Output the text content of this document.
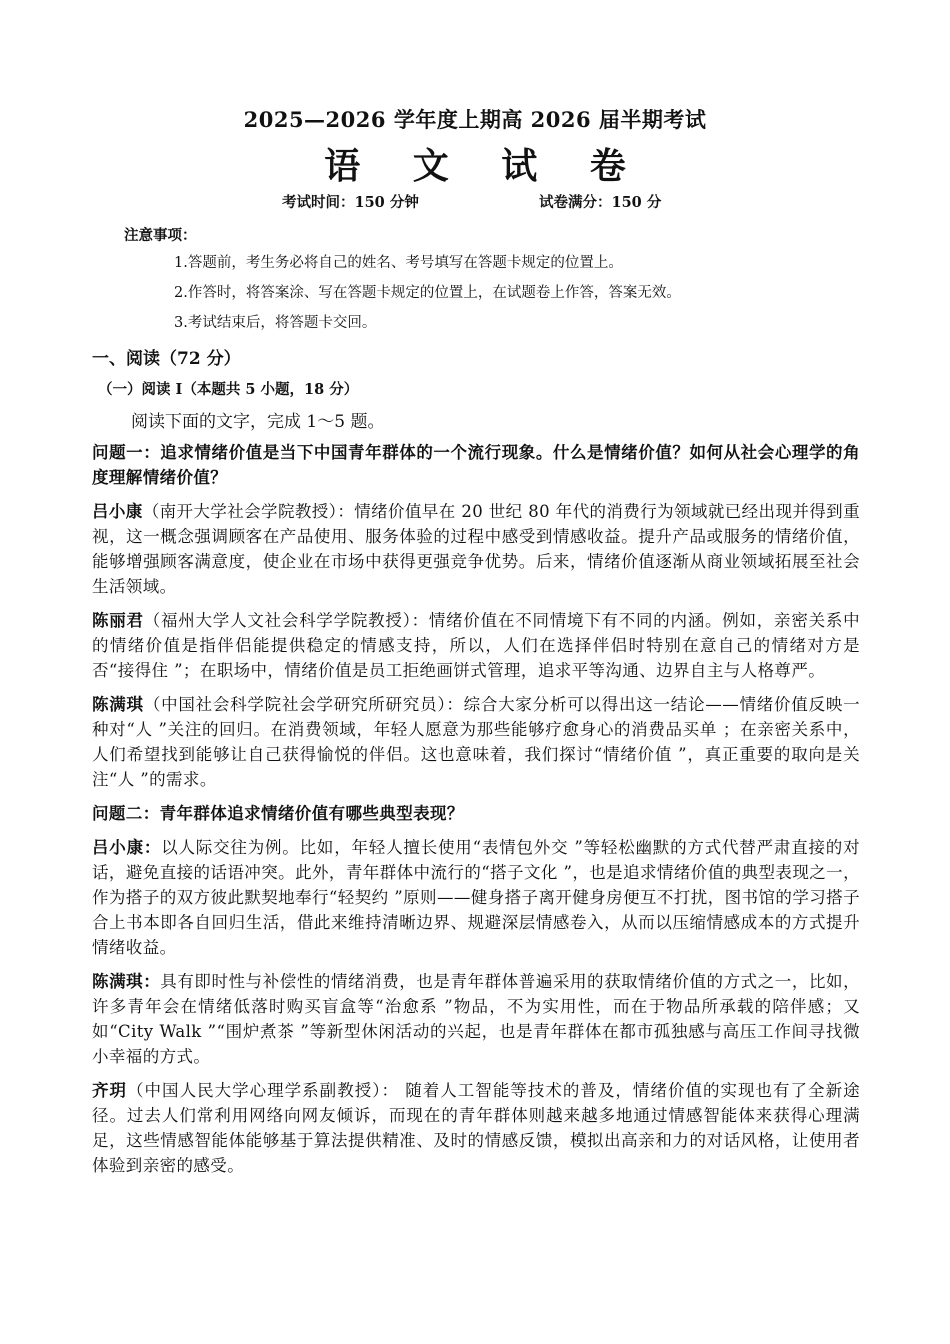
2025—2026 学年度上期高 2026 届半期考试
语 文 试 卷
考试时间：150 分钟	试卷满分：150 分
注意事项：
1.答题前，考生务必将自己的姓名、考号填写在答题卡规定的位置上。
2.作答时，将答案涂、写在答题卡规定的位置上，在试题卷上作答，答案无效。
3.考试结束后，将答题卡交回。
一、阅读（72 分）
（一）阅读 Ⅰ（本题共 5 小题，18 分）
阅读下面的文字，完成 1～5 题。
问题一：追求情绪价值是当下中国青年群体的一个流行现象。什么是情绪价值？如何从社会心理学的角度理解情绪价值？
吕小康（南开大学社会学院教授）：情绪价值早在 20 世纪 80 年代的消费行为领域就已经出现并得到重视，这一概念强调顾客在产品使用、服务体验的过程中感受到情感收益。提升产品或服务的情绪价值，能够增强顾客满意度，使企业在市场中获得更强竞争优势。后来，情绪价值逐渐从商业领域拓展至社会生活领域。
陈丽君（福州大学人文社会科学学院教授）：情绪价值在不同情境下有不同的内涵。例如，亲密关系中的情绪价值是指伴侣能提供稳定的情感支持，所以，人们在选择伴侣时特别在意自己的情绪对方是否“接得住 ”；在职场中，情绪价值是员工拒绝画饼式管理，追求平等沟通、边界自主与人格尊严。
陈满琪（中国社会科学院社会学研究所研究员）：综合大家分析可以得出这一结论——情绪价值反映一种对“人 ”关注的回归。在消费领域，年轻人愿意为那些能够疗愈身心的消费品买单 ；在亲密关系中，人们希望找到能够让自己获得愉悦的伴侣。这也意味着，我们探讨“情绪价值 ”，真正重要的取向是关注“人 ”的需求。
问题二：青年群体追求情绪价值有哪些典型表现？
吕小康：以人际交往为例。比如，年轻人擅长使用“表情包外交 ”等轻松幽默的方式代替严肃直接的对话，避免直接的话语冲突。此外，青年群体中流行的“搭子文化 ”，也是追求情绪价值的典型表现之一，作为搭子的双方彼此默契地奉行“轻契约 ”原则——健身搭子离开健身房便互不打扰，图书馆的学习搭子合上书本即各自回归生活，借此来维持清晰边界、规避深层情感卷入，从而以压缩情感成本的方式提升情绪收益。
陈满琪：具有即时性与补偿性的情绪消费，也是青年群体普遍采用的获取情绪价值的方式之一，比如，许多青年会在情绪低落时购买盲盒等“治愈系 ”物品，不为实用性，而在于物品所承载的陪伴感；又如“City Walk ”“围炉煮茶 ”等新型休闲活动的兴起，也是青年群体在都市孤独感与高压工作间寻找微小幸福的方式。
齐玥（中国人民大学心理学系副教授）： 随着人工智能等技术的普及，情绪价值的实现也有了全新途径。过去人们常利用网络向网友倾诉，而现在的青年群体则越来越多地通过情感智能体来获得心理满足，这些情感智能体能够基于算法提供精准、及时的情感反馈，模拟出高亲和力的对话风格，让使用者体验到亲密的感受。
